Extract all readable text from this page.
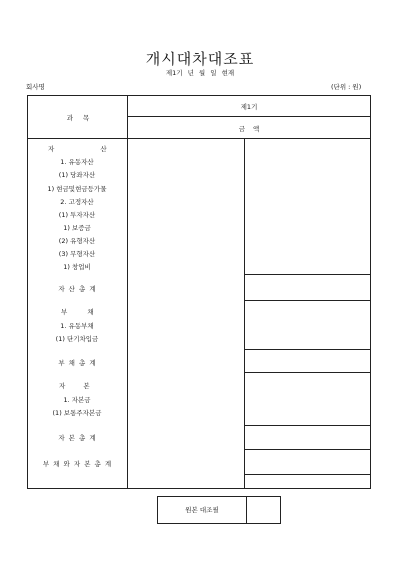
개시대차대조표
제1기 년 월 일 현재
회사명	(단위 : 원)
과 목
제1기
금 액
자 산
1. 유동자산
(1) 당좌자산
1) 현금및현금등가물
2. 고정자산
(1) 투자자산
1) 보증금
(2) 유형자산
(3) 무형자산
1) 창업비
자 산 총 계
부 채
1. 유동부채
(1) 단기차입금
부 채 총 계
자 본
1. 자본금
(1) 보통주자본금
자 본 총 계
부 채 와 자 본 총 계
원본 대조필
